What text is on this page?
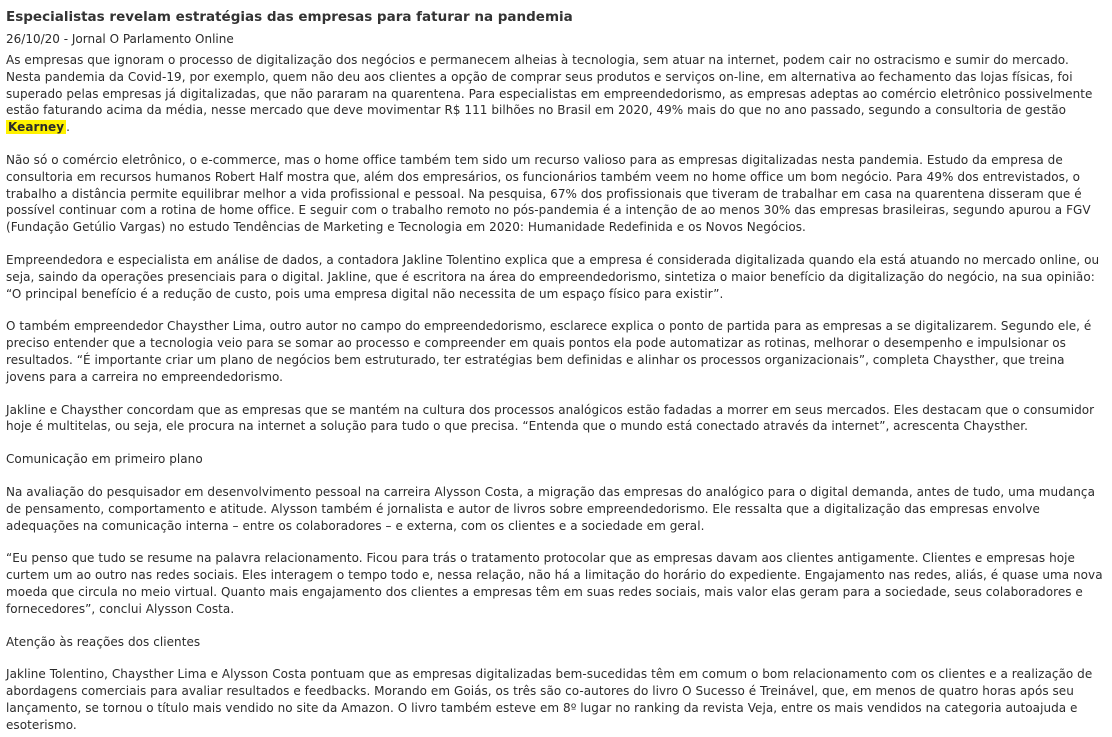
Especialistas revelam estratégias das empresas para faturar na pandemia
26/10/20 - Jornal O Parlamento Online

As empresas que ignoram o processo de digitalização dos negócios e permanecem alheias à tecnologia, sem atuar na internet, podem cair no ostracismo e sumir do mercado. Nesta pandemia da Covid-19, por exemplo, quem não deu aos clientes a opção de comprar seus produtos e serviços on-line, em alternativa ao fechamento das lojas físicas, foi superado pelas empresas já digitalizadas, que não pararam na quarentena. Para especialistas em empreendedorismo, as empresas adeptas ao comércio eletrônico possivelmente estão faturando acima da média, nesse mercado que deve movimentar R$ 111 bilhões no Brasil em 2020, 49% mais do que no ano passado, segundo a consultoria de gestão Kearney .

Não só o comércio eletrônico, o e-commerce, mas o home office também tem sido um recurso valioso para as empresas digitalizadas nesta pandemia. Estudo da empresa de consultoria em recursos humanos Robert Half mostra que, além dos empresários, os funcionários também veem no home office um bom negócio. Para 49% dos entrevistados, o trabalho a distância permite equilibrar melhor a vida profissional e pessoal. Na pesquisa, 67% dos profissionais que tiveram de trabalhar em casa na quarentena disseram que é possível continuar com a rotina de home office. E seguir com o trabalho remoto no pós-pandemia é a intenção de ao menos 30% das empresas brasileiras, segundo apurou a FGV (Fundação Getúlio Vargas) no estudo Tendências de Marketing e Tecnologia em 2020: Humanidade Redefinida e os Novos Negócios.

Empreendedora e especialista em análise de dados, a contadora Jakline Tolentino explica que a empresa é considerada digitalizada quando ela está atuando no mercado online, ou seja, saindo da operações presenciais para o digital. Jakline, que é escritora na área do empreendedorismo, sintetiza o maior benefício da digitalização do negócio, na sua opinião: “O principal benefício é a redução de custo, pois uma empresa digital não necessita de um espaço físico para existir”.

O também empreendedor Chaysther Lima, outro autor no campo do empreendedorismo, esclarece explica o ponto de partida para as empresas a se digitalizarem. Segundo ele, é preciso entender que a tecnologia veio para se somar ao processo e compreender em quais pontos ela pode automatizar as rotinas, melhorar o desempenho e impulsionar os resultados. “É importante criar um plano de negócios bem estruturado, ter estratégias bem definidas e alinhar os processos organizacionais”, completa Chaysther, que treina jovens para a carreira no empreendedorismo.

Jakline e Chaysther concordam que as empresas que se mantém na cultura dos processos analógicos estão fadadas a morrer em seus mercados. Eles destacam que o consumidor hoje é multitelas, ou seja, ele procura na internet a solução para tudo o que precisa. “Entenda que o mundo está conectado através da internet”, acrescenta Chaysther.

Comunicação em primeiro plano

Na avaliação do pesquisador em desenvolvimento pessoal na carreira Alysson Costa, a migração das empresas do analógico para o digital demanda, antes de tudo, uma mudança de pensamento, comportamento e atitude. Alysson também é jornalista e autor de livros sobre empreendedorismo. Ele ressalta que a digitalização das empresas envolve adequações na comunicação interna – entre os colaboradores – e externa, com os clientes e a sociedade em geral.

“Eu penso que tudo se resume na palavra relacionamento. Ficou para trás o tratamento protocolar que as empresas davam aos clientes antigamente. Clientes e empresas hoje curtem um ao outro nas redes sociais. Eles interagem o tempo todo e, nessa relação, não há a limitação do horário do expediente. Engajamento nas redes, aliás, é quase uma nova moeda que circula no meio virtual. Quanto mais engajamento dos clientes a empresas têm em suas redes sociais, mais valor elas geram para a sociedade, seus colaboradores e fornecedores”, conclui Alysson Costa.

Atenção às reações dos clientes

Jakline Tolentino, Chaysther Lima e Alysson Costa pontuam que as empresas digitalizadas bem-sucedidas têm em comum o bom relacionamento com os clientes e a realização de abordagens comerciais para avaliar resultados e feedbacks. Morando em Goiás, os três são co-autores do livro O Sucesso é Treinável, que, em menos de quatro horas após seu lançamento, se tornou o título mais vendido no site da Amazon. O livro também esteve em 8º lugar no ranking da revista Veja, entre os mais vendidos na categoria autoajuda e esoterismo.
